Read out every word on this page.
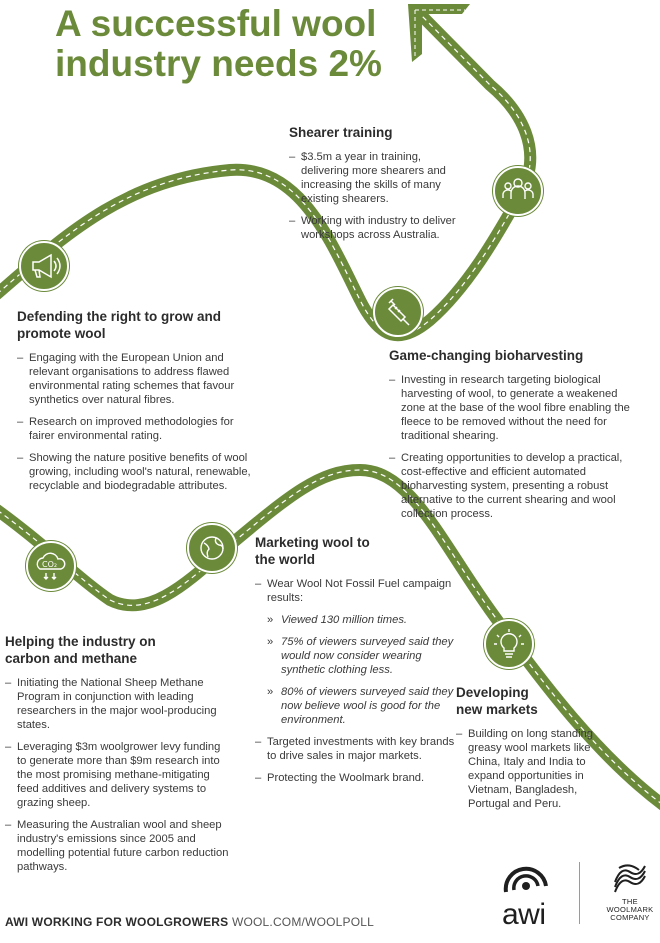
A successful wool industry needs 2%
CO₂
Shearer training
– $3.5m a year in training, delivering more shearers and increasing the skills of many existing shearers.
– Working with industry to deliver workshops across Australia.
Defending the right to grow and promote wool
– Engaging with the European Union and relevant organisations to address flawed environmental rating schemes that favour synthetics over natural fibres.
– Research on improved methodologies for fairer environmental rating.
– Showing the nature positive benefits of wool growing, including wool's natural, renewable, recyclable and biodegradable attributes.
Game-changing bioharvesting
– Investing in research targeting biological harvesting of wool, to generate a weakened zone at the base of the wool fibre enabling the fleece to be removed without the need for traditional shearing.
– Creating opportunities to develop a practical, cost-effective and efficient automated bioharvesting system, presenting a robust alternative to the current shearing and wool collection process.
Marketing wool to the world
– Wear Wool Not Fossil Fuel campaign results:
» Viewed 130 million times.
» 75% of viewers surveyed said they would now consider wearing synthetic clothing less.
» 80% of viewers surveyed said they now believe wool is good for the environment.
– Targeted investments with key brands to drive sales in major markets.
– Protecting the Woolmark brand.
Helping the industry on carbon and methane
– Initiating the National Sheep Methane Program in conjunction with leading researchers in the major wool-producing states.
– Leveraging $3m woolgrower levy funding to generate more than $9m research into the most promising methane-mitigating feed additives and delivery systems to grazing sheep.
– Measuring the Australian wool and sheep industry's emissions since 2005 and modelling potential future carbon reduction pathways.
Developing new markets
– Building on long standing greasy wool markets like China, Italy and India to expand opportunities in Vietnam, Bangladesh, Portugal and Peru.
AWI WORKING FOR WOOLGROWERS WOOL.COM/WOOLPOLL	awi	THE WOOLMARK COMPANY
